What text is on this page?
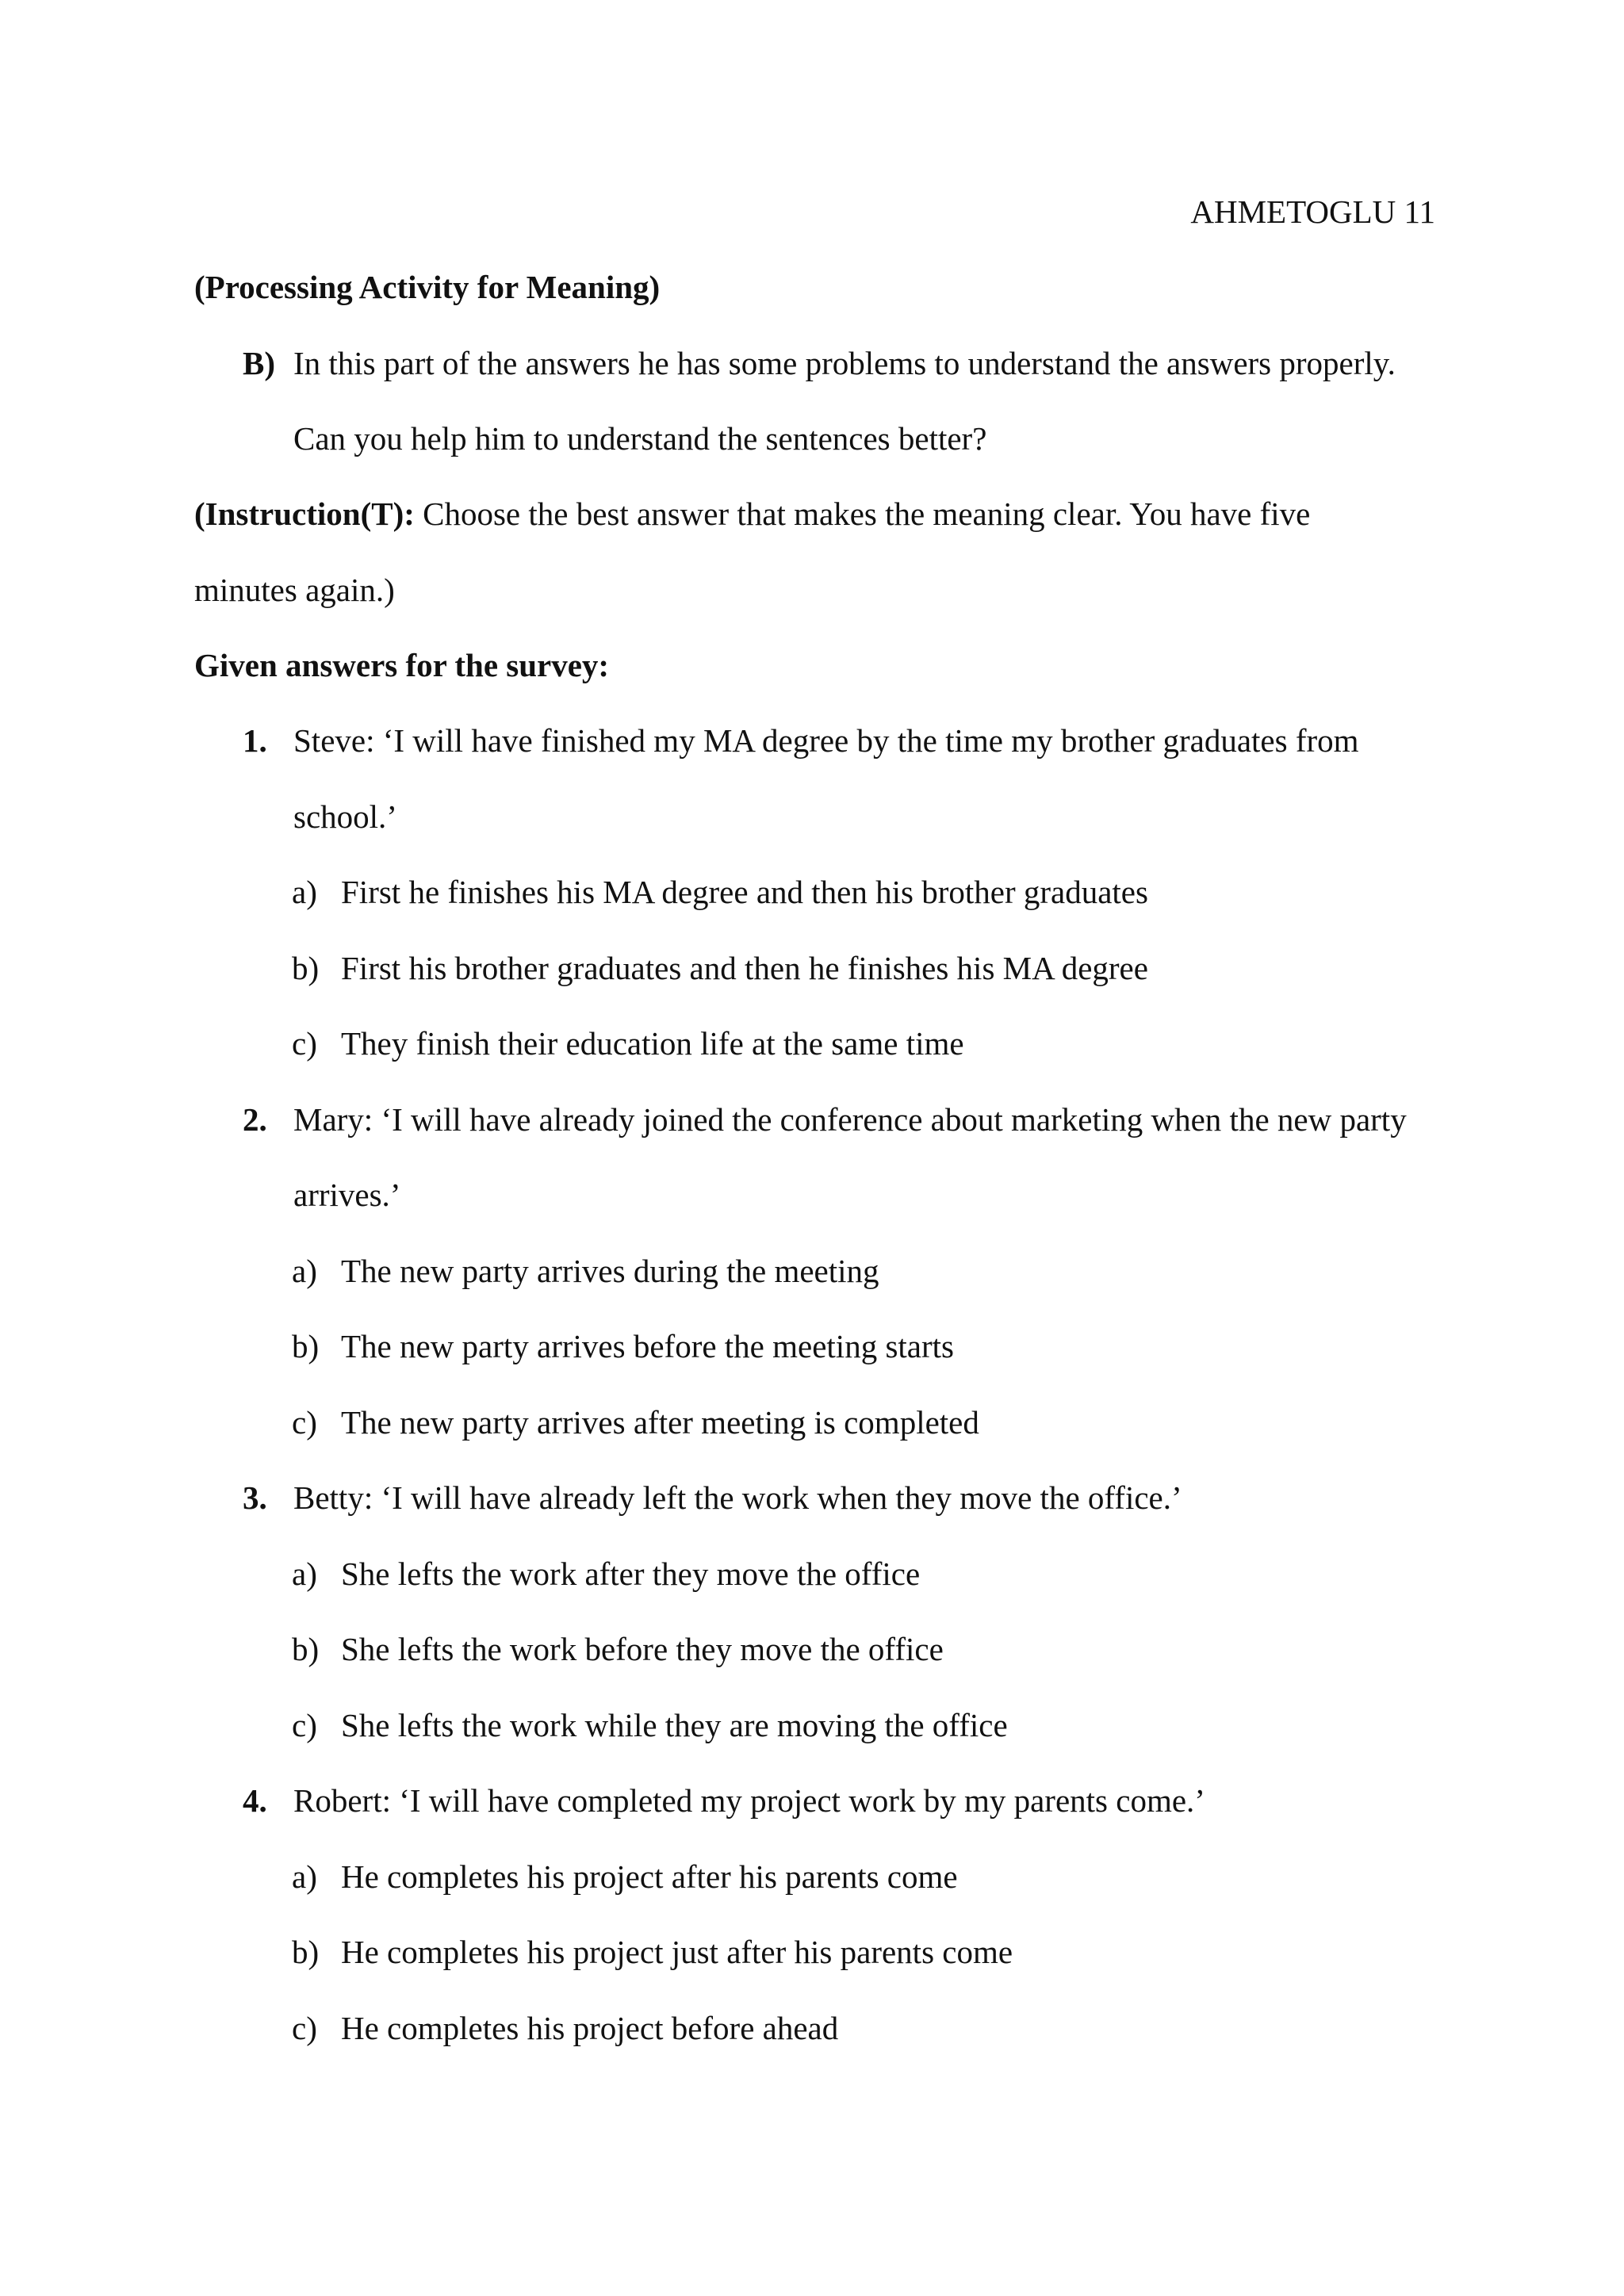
AHMETOGLU 11
(Processing Activity for Meaning)
B) In this part of the answers he has some problems to understand the answers properly.
Can you help him to understand the sentences better?
(Instruction(T): Choose the best answer that makes the meaning clear. You have five
minutes again.)
Given answers for the survey:
1. Steve: ‘I will have finished my MA degree by the time my brother graduates from
school.’
a) First he finishes his MA degree and then his brother graduates
b) First his brother graduates and then he finishes his MA degree
c) They finish their education life at the same time
2. Mary: ‘I will have already joined the conference about marketing when the new party
arrives.’
a) The new party arrives during the meeting
b) The new party arrives before the meeting starts
c) The new party arrives after meeting is completed
3. Betty: ‘I will have already left the work when they move the office.’
a) She lefts the work after they move the office
b) She lefts the work before they move the office
c) She lefts the work while they are moving the office
4. Robert: ‘I will have completed my project work by my parents come.’
a) He completes his project after his parents come
b) He completes his project just after his parents come
c) He completes his project before ahead
